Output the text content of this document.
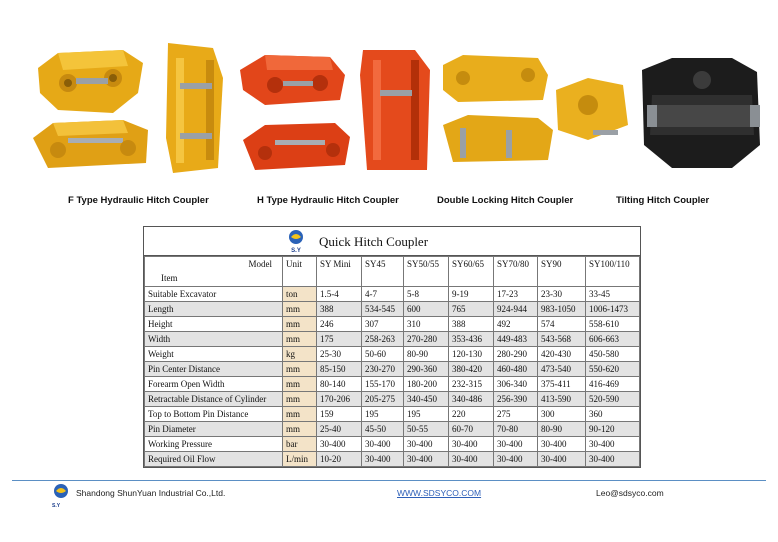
F Type Hydraulic Hitch Coupler	H Type Hydraulic Hitch Coupler	Double Locking Hitch Coupler	Tilting Hitch Coupler
S.Y
Quick Hitch Coupler
Model
Item	Unit	SY Mini	SY45	SY50/55	SY60/65	SY70/80	SY90	SY100/110
Suitable Excavator	ton	1.5-4	4-7	5-8	9-19	17-23	23-30	33-45
Length	mm	388	534-545	600	765	924-944	983-1050	1006-1473
Height	mm	246	307	310	388	492	574	558-610
Width	mm	175	258-263	270-280	353-436	449-483	543-568	606-663
Weight	kg	25-30	50-60	80-90	120-130	280-290	420-430	450-580
Pin Center Distance	mm	85-150	230-270	290-360	380-420	460-480	473-540	550-620
Forearm Open Width	mm	80-140	155-170	180-200	232-315	306-340	375-411	416-469
Retractable Distance of Cylinder	mm	170-206	205-275	340-450	340-486	256-390	413-590	520-590
Top to Bottom Pin Distance	mm	159	195	195	220	275	300	360
Pin Diameter	mm	25-40	45-50	50-55	60-70	70-80	80-90	90-120
Working Pressure	bar	30-400	30-400	30-400	30-400	30-400	30-400	30-400
Required Oil Flow	L/min	10-20	30-400	30-400	30-400	30-400	30-400	30-400
S.Y
Shandong ShunYuan Industrial Co.,Ltd.	WWW.SDSYCO.COM	Leo@sdsyco.com
